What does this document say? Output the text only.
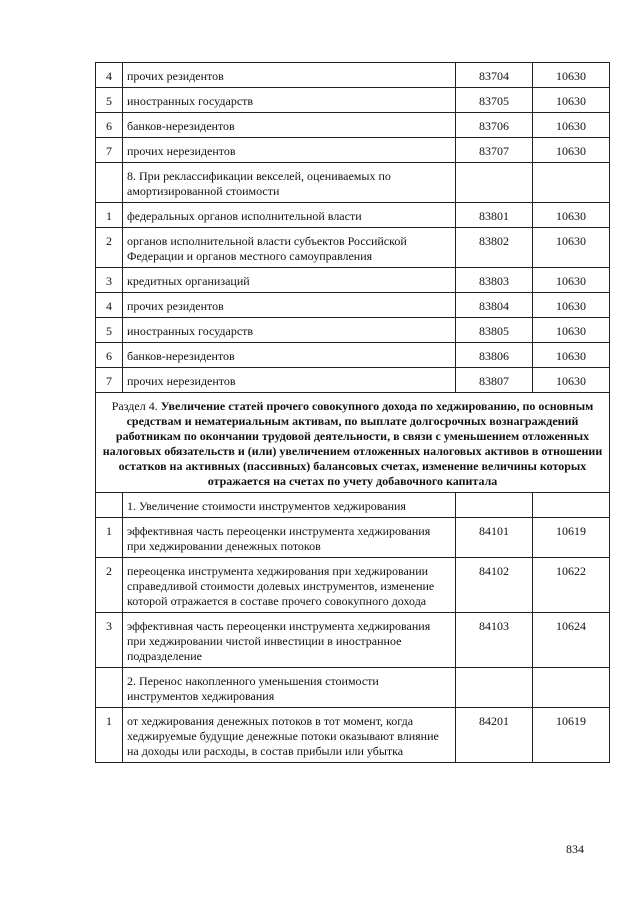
4	прочих резидентов	83704	10630
5	иностранных государств	83705	10630
6	банков-нерезидентов	83706	10630
7	прочих нерезидентов	83707	10630
	8. При реклассификации векселей, оцениваемых по амортизированной стоимости		
1	федеральных органов исполнительной власти	83801	10630
2	органов исполнительной власти субъектов Российской Федерации и органов местного самоуправления	83802	10630
3	кредитных организаций	83803	10630
4	прочих резидентов	83804	10630
5	иностранных государств	83805	10630
6	банков-нерезидентов	83806	10630
7	прочих нерезидентов	83807	10630
Раздел 4. Увеличение статей прочего совокупного дохода по хеджированию, по основным средствам и нематериальным активам, по выплате долгосрочных вознаграждений работникам по окончании трудовой деятельности, в связи с уменьшением отложенных налоговых обязательств и (или) увеличением отложенных налоговых активов в отношении остатков на активных (пассивных) балансовых счетах, изменение величины которых отражается на счетах по учету добавочного капитала			
	1. Увеличение стоимости инструментов хеджирования		
1	эффективная часть переоценки инструмента хеджирования при хеджировании денежных потоков	84101	10619
2	переоценка инструмента хеджирования при хеджировании справедливой стоимости долевых инструментов, изменение которой отражается в составе прочего совокупного дохода	84102	10622
3	эффективная часть переоценки инструмента хеджирования при хеджировании чистой инвестиции в иностранное подразделение	84103	10624
	2. Перенос накопленного уменьшения стоимости инструментов хеджирования		
1	от хеджирования денежных потоков в тот момент, когда хеджируемые будущие денежные потоки оказывают влияние на доходы или расходы, в состав прибыли или убытка	84201	10619
834
